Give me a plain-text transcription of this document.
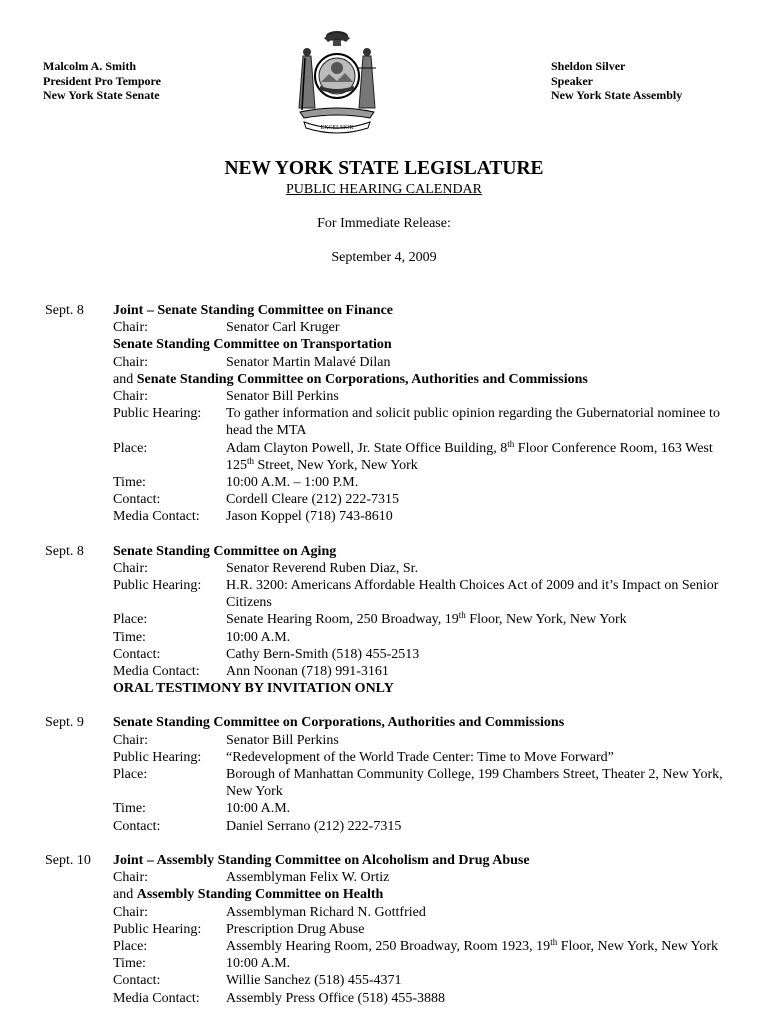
Malcolm A. Smith
President Pro Tempore
New York State Senate
EXCELSIOR
Sheldon Silver
Speaker
New York State Assembly
NEW YORK STATE LEGISLATURE
PUBLIC HEARING CALENDAR
For Immediate Release:
September 4, 2009
Sept. 8 Joint – Senate Standing Committee on Finance
Chair:	Senator Carl Kruger
Senate Standing Committee on Transportation
Chair:	Senator Martin Malavé Dilan
and Senate Standing Committee on Corporations, Authorities and Commissions
Chair:	Senator Bill Perkins
Public Hearing:	To gather information and solicit public opinion regarding the Gubernatorial nominee to head the MTA
Place:	Adam Clayton Powell, Jr. State Office Building, 8th Floor Conference Room, 163 West 125th Street, New York, New York
Time:	10:00 A.M. – 1:00 P.M.
Contact:	Cordell Cleare (212) 222-7315
Media Contact:	Jason Koppel (718) 743-8610
Sept. 8 Senate Standing Committee on Aging
Chair:	Senator Reverend Ruben Diaz, Sr.
Public Hearing:	H.R. 3200: Americans Affordable Health Choices Act of 2009 and it’s Impact on Senior Citizens
Place:	Senate Hearing Room, 250 Broadway, 19th Floor, New York, New York
Time:	10:00 A.M.
Contact:	Cathy Bern-Smith (518) 455-2513
Media Contact:	Ann Noonan (718) 991-3161
ORAL TESTIMONY BY INVITATION ONLY
Sept. 9 Senate Standing Committee on Corporations, Authorities and Commissions
Chair:	Senator Bill Perkins
Public Hearing:	“Redevelopment of the World Trade Center: Time to Move Forward”
Place:	Borough of Manhattan Community College, 199 Chambers Street, Theater 2, New York, New York
Time:	10:00 A.M.
Contact:	Daniel Serrano (212) 222-7315
Sept. 10 Joint – Assembly Standing Committee on Alcoholism and Drug Abuse
Chair:	Assemblyman Felix W. Ortiz
and Assembly Standing Committee on Health
Chair:	Assemblyman Richard N. Gottfried
Public Hearing:	Prescription Drug Abuse
Place:	Assembly Hearing Room, 250 Broadway, Room 1923, 19th Floor, New York, New York
Time:	10:00 A.M.
Contact:	Willie Sanchez (518) 455-4371
Media Contact:	Assembly Press Office (518) 455-3888
